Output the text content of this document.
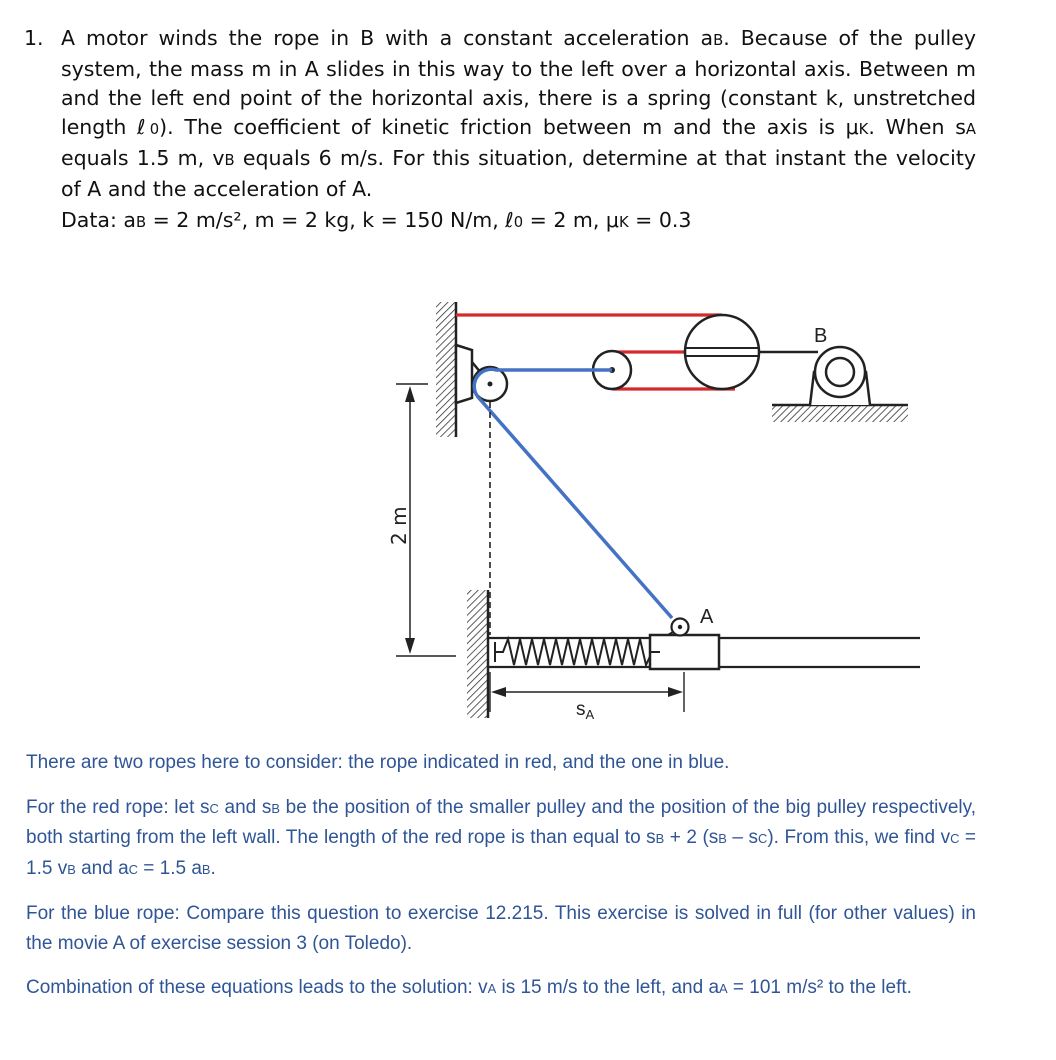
1. A motor winds the rope in B with a constant acceleration aB. Because of the pulley system, the mass m in A slides in this way to the left over a horizontal axis. Between m and the left end point of the horizontal axis, there is a spring (constant k, unstretched length ℓ0). The coefficient of kinetic friction between m and the axis is μK. When sA equals 1.5 m, vB equals 6 m/s. For this situation, determine at that instant the velocity of A and the acceleration of A.
Data: aB = 2 m/s², m = 2 kg, k = 150 N/m, ℓ0 = 2 m, μK = 0.3
B
2 m
A
$s_A$

There are two ropes here to consider: the rope indicated in red, and the one in blue.

For the red rope: let sC and sB be the position of the smaller pulley and the position of the big pulley respectively, both starting from the left wall. The length of the red rope is than equal to sB + 2 (sB – sC). From this, we find vC = 1.5 vB and aC = 1.5 aB.

For the blue rope: Compare this question to exercise 12.215. This exercise is solved in full (for other values) in the movie A of exercise session 3 (on Toledo).

Combination of these equations leads to the solution: vA is 15 m/s to the left, and aA = 101 m/s² to the left.
